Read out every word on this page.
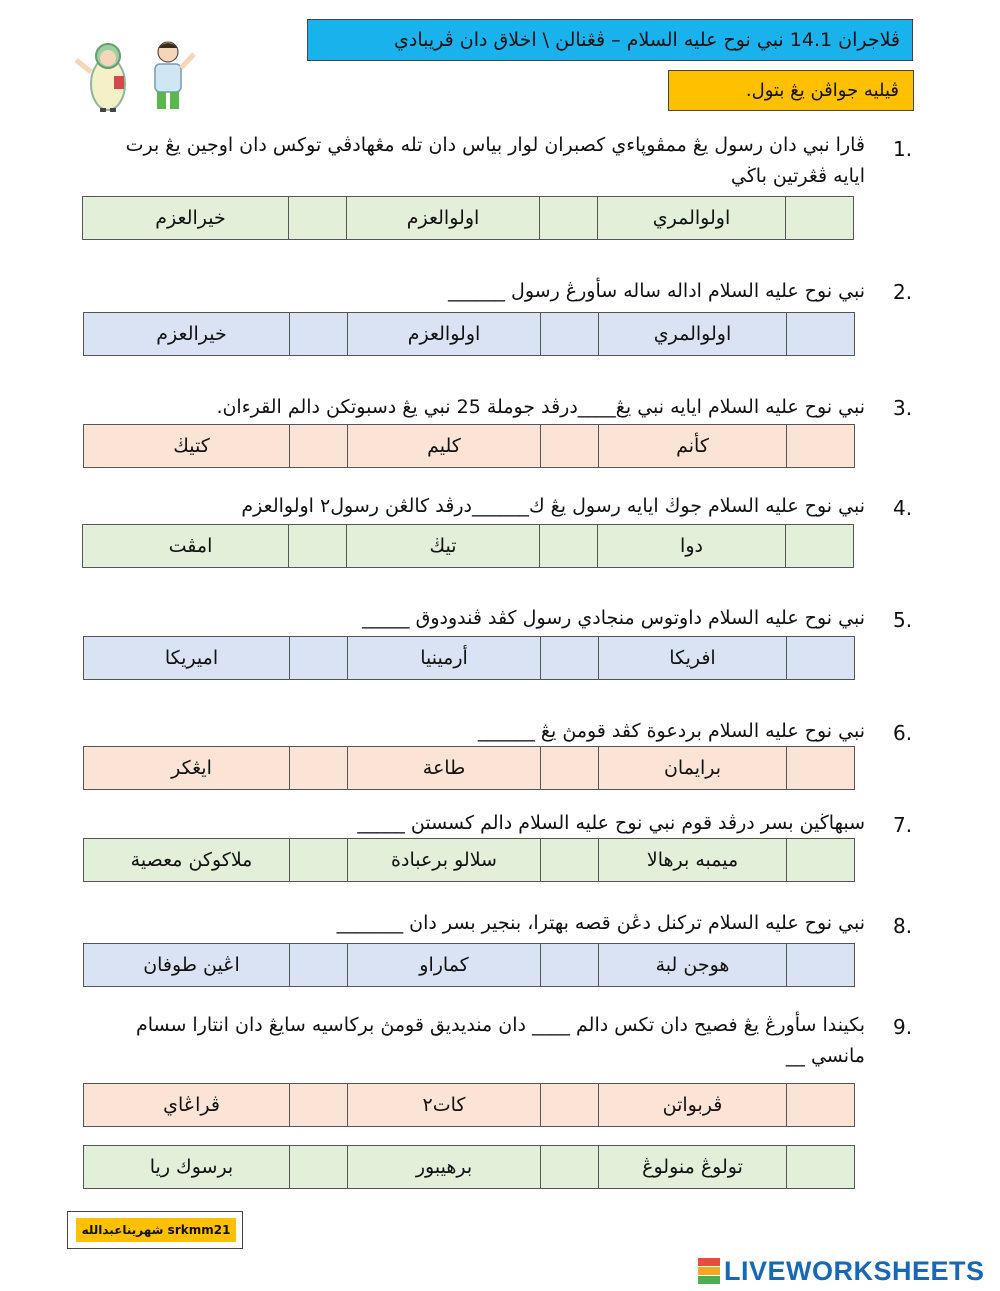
ڤلاجران 14.1 نبي نوح عليه السلام – ڤڠنالن \ اخلاق دان ڤريبادي
ڤيليه جواڤن يڠ بتول.
1.
ڤارا نبي دان رسول يڠ ممڤوڽاءي كصبران لوار بياس دان تله مڠهادڤي توكس دان اوجين يڠ برت ايايه ڤڠرتين باڬي
اولوالمري
اولوالعزم
خيرالعزم
2.
نبي نوح عليه السلام اداله ساله سأورڠ رسول ______
اولوالمري
اولوالعزم
خيرالعزم
3.
نبي نوح عليه السلام ايايه نبي يڠ____درڤد جوملة 25 نبي يڠ دسبوتكن دالم القرءان.
كأنم
كليم
كتيڬ
4.
نبي نوح عليه السلام جوڬ ايايه رسول يڠ ك______درڤد كالڠن رسول٢ اولوالعزم
دوا
تيڬ
امڤت
5.
نبي نوح عليه السلام داوتوس منجادي رسول كڤد ڤندودوق _____
افريكا
أرمينيا
اميريكا
6.
نبي نوح عليه السلام بردعوة كڤد قومڽ يڠ ______
برايمان
طاعة
ايڠكر
7.
سبهاڬين بسر درڤد قوم نبي نوح عليه السلام دالم كسستن _____
ميمبه برهالا
سلالو برعبادة
ملاكوكن معصية
8.
نبي نوح عليه السلام تركنل دڠن قصه بهترا، بنجير بسر دان _______
هوجن لبة
كماراو
اڠين طوفان
9.
بكيندا سأورڠ يڠ فصيح دان تكس دالم ____ دان منديديق قومڽ بركاسيه سايڠ دان انتارا سسام مانسي __
ڤربواتن
كات٢
ڤراڠاي
تولوڠ منولوڠ
برهيبور
برسوك ريا
شهريناعبدالله srkmm21
LIVEWORKSHEETS
